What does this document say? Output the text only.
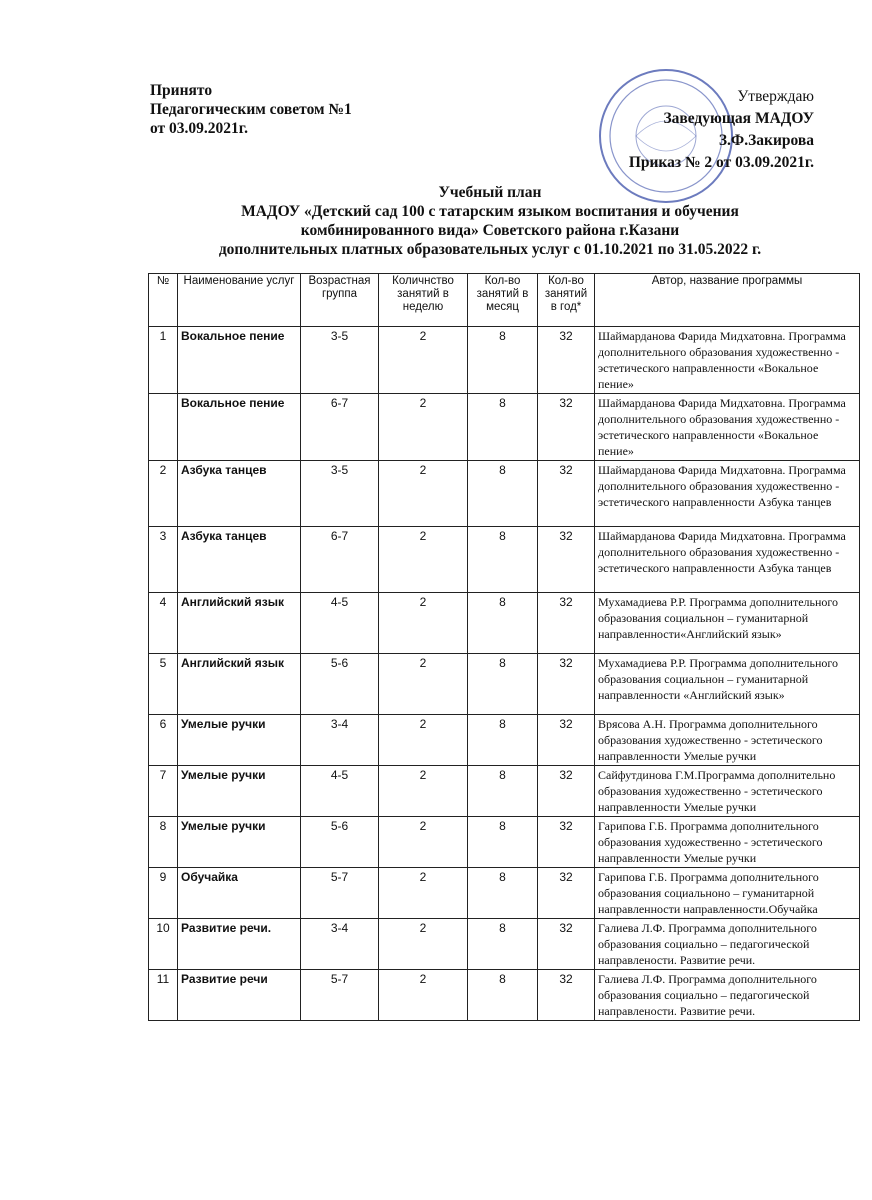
Принято
Педагогическим советом №1
от 03.09.2021г.
Утверждаю
Заведующая МАДОУ
З.Ф.Закирова
Приказ № 2 от 03.09.2021г.
Учебный план
МАДОУ «Детский сад 100 с татарским языком воспитания и обучения
комбинированного вида» Советского района г.Казани
дополнительных платных образовательных услуг с 01.10.2021 по 31.05.2022 г.
№	Наименование услуг	Возрастная группа	Количнство занятий в неделю	Кол-во занятий в месяц	Кол-во занятий в год*	Автор, название программы
1	Вокальное пение	3-5	2	8	32	Шаймарданова Фарида Мидхатовна. Программа дополнительного образования художественно - эстетического направленности «Вокальное пение»
	Вокальное пение	6-7	2	8	32	Шаймарданова Фарида Мидхатовна. Программа дополнительного образования художественно - эстетического направленности «Вокальное пение»
2	Азбука танцев	3-5	2	8	32	Шаймарданова Фарида Мидхатовна. Программа дополнительного образования художественно - эстетического направленности Азбука танцев
3	Азбука танцев	6-7	2	8	32	Шаймарданова Фарида Мидхатовна. Программа дополнительного образования художественно - эстетического направленности Азбука танцев
4	Английский язык	4-5	2	8	32	Мухамадиева Р.Р. Программа дополнительного образования социальнон – гуманитарной направленности«Английский язык»
5	Английский язык	5-6	2	8	32	Мухамадиева Р.Р. Программа дополнительного образования социальнон – гуманитарной направленности «Английский язык»
6	Умелые ручки	3-4	2	8	32	Врясова А.Н. Программа дополнительного образования художественно - эстетического направленности Умелые ручки
7	Умелые ручки	4-5	2	8	32	Сайфутдинова Г.М.Программа дополнительно образования художественно - эстетического направленности Умелые ручки
8	Умелые ручки	5-6	2	8	32	Гарипова Г.Б. Программа дополнительного образования художественно - эстетического направленности Умелые ручки
9	Обучайка	5-7	2	8	32	Гарипова Г.Б. Программа дополнительного образования социальноно – гуманитарной направленности направленности.Обучайка
10	Развитие речи.	3-4	2	8	32	Галиева Л.Ф. Программа дополнительного образования социально – педагогической направлености. Развитие речи.
11	Развитие речи	5-7	2	8	32	Галиева Л.Ф. Программа дополнительного образования социально – педагогической направлености. Развитие речи.
